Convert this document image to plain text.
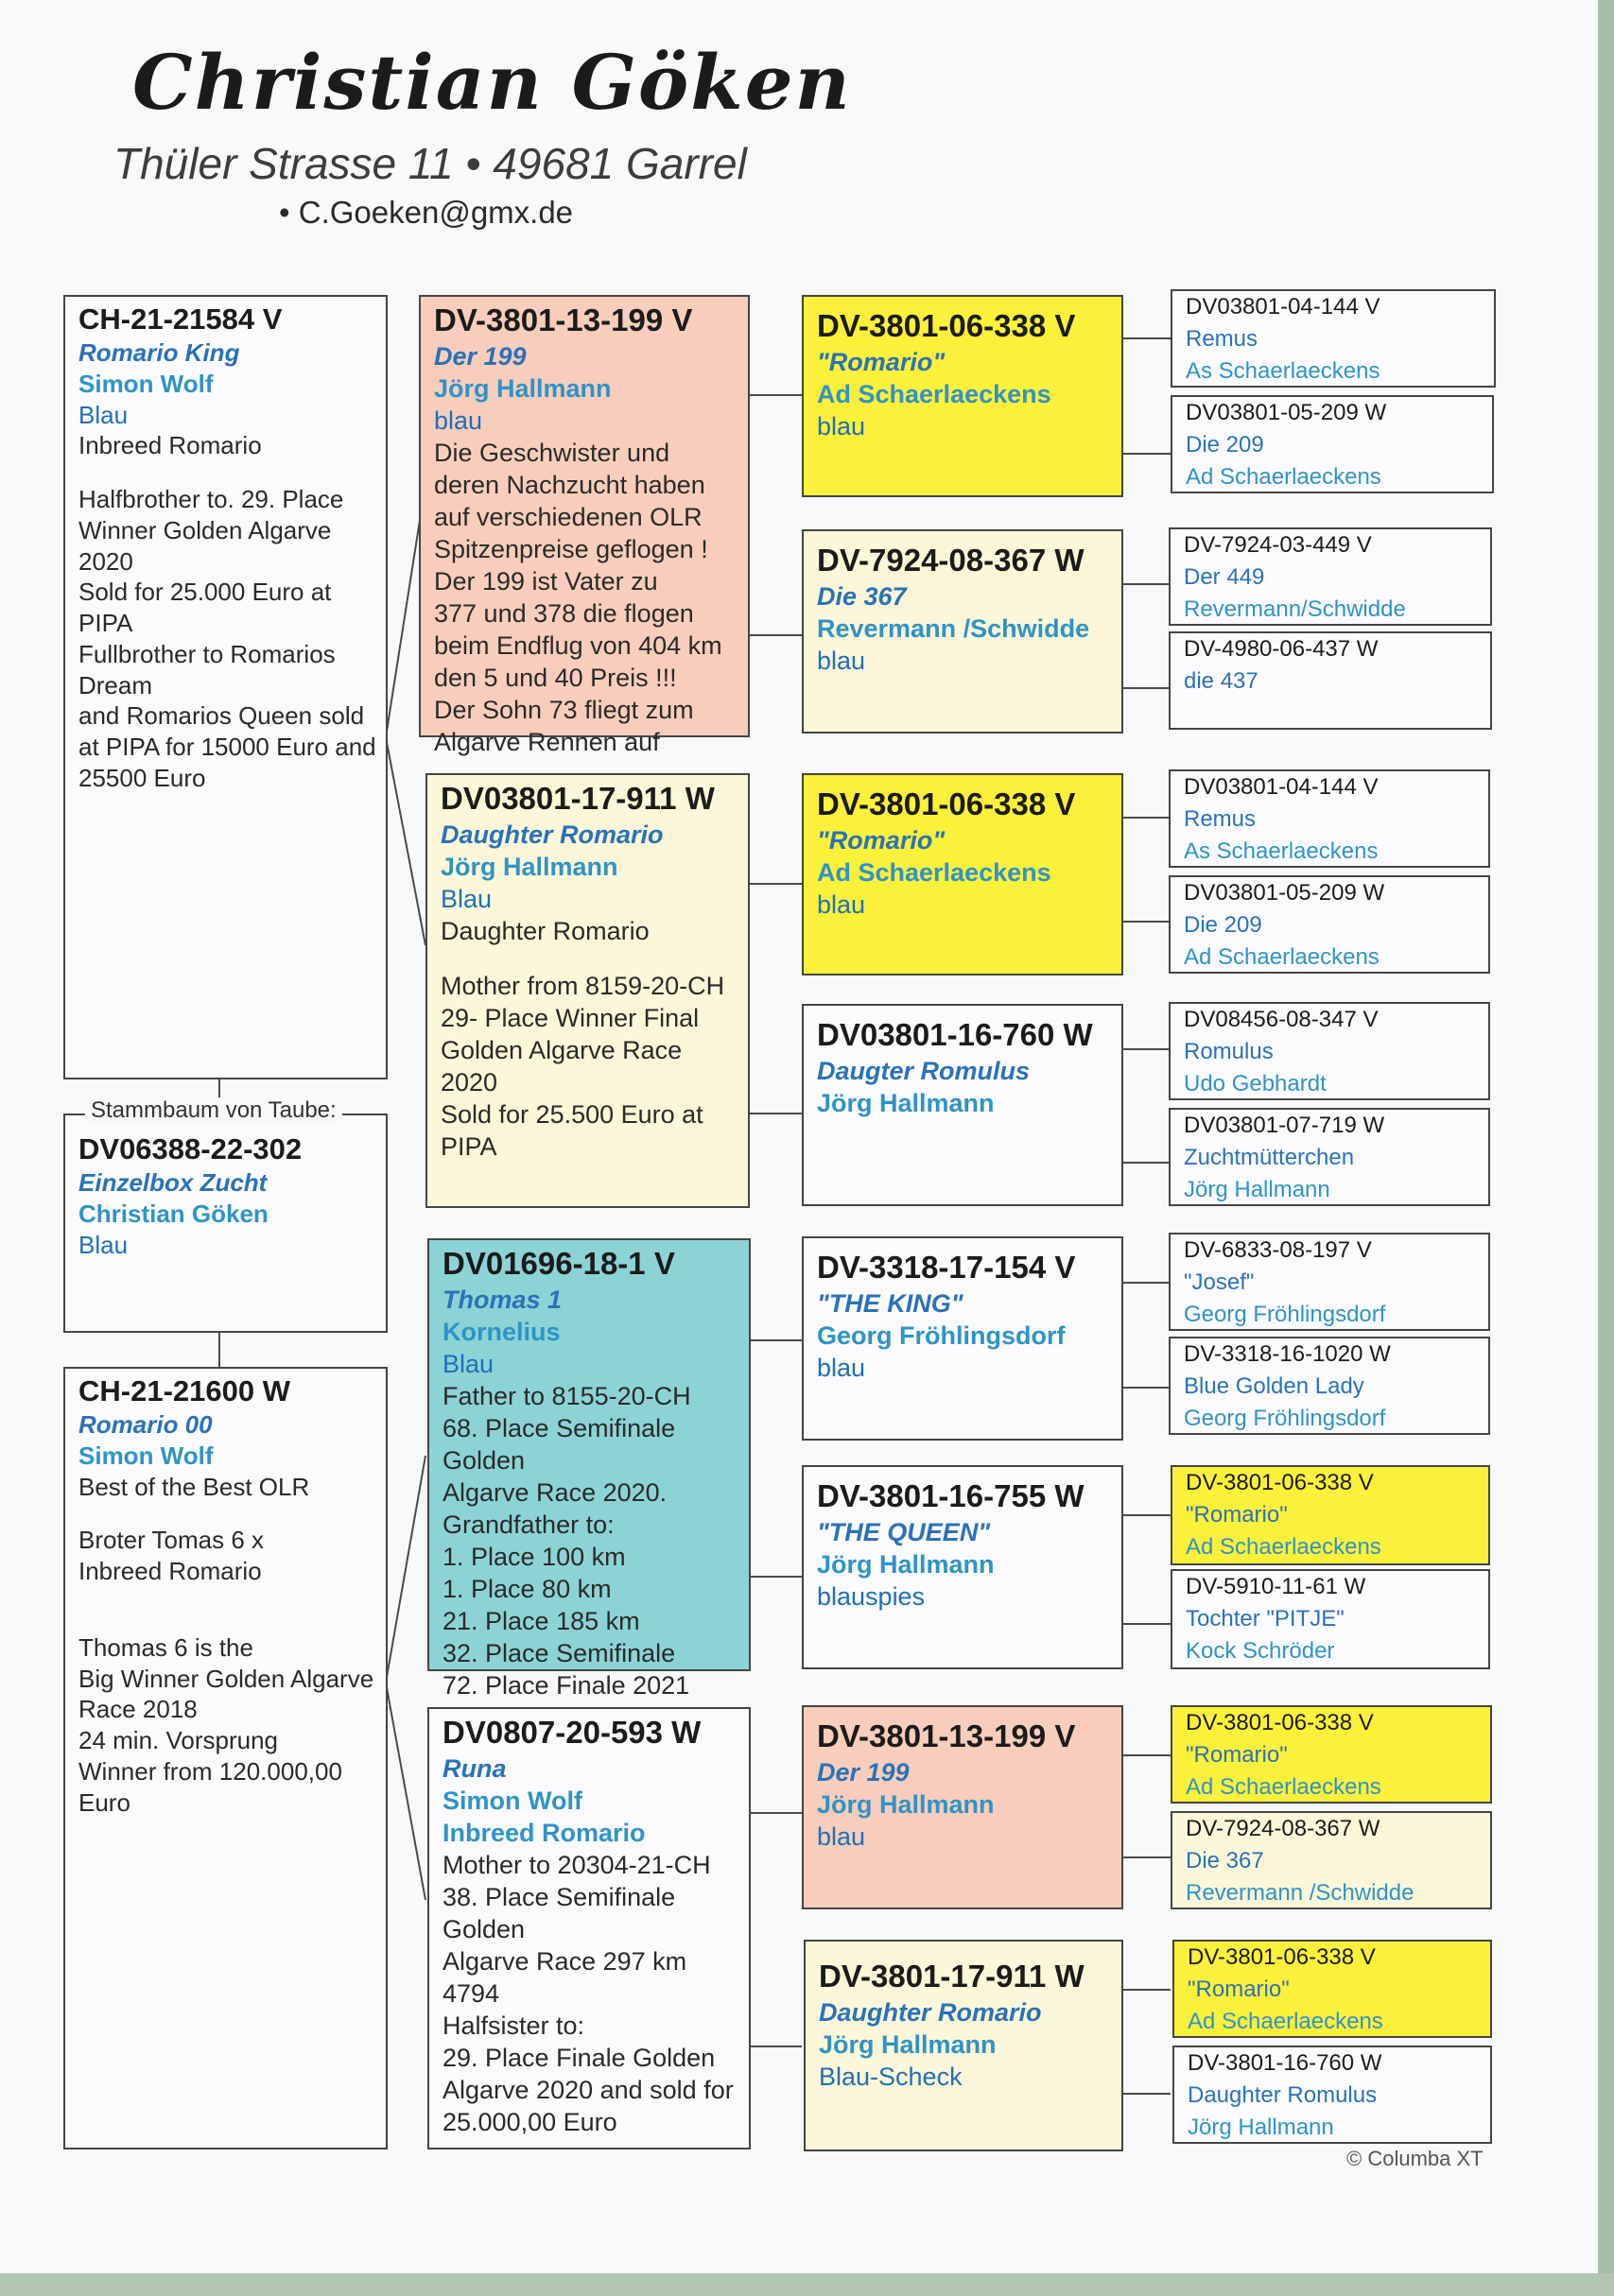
Christian Göken
Thüler Strasse 11 • 49681 Garrel
• C.Goeken@gmx.de
CH-21-21584 V
Romario King
Simon Wolf
Blau
Inbreed Romario
Halfbrother to. 29. Place
Winner Golden Algarve
2020
Sold for 25.000 Euro at
PIPA
Fullbrother to Romarios
Dream
and Romarios Queen sold
at PIPA for 15000 Euro and
25500 Euro
DV06388-22-302
Einzelbox Zucht
Christian Göken
Blau
Stammbaum von Taube:
CH-21-21600 W
Romario 00
Simon Wolf
Best of the Best OLR
Broter Tomas 6 x
Inbreed Romario
Thomas 6 is the
Big Winner Golden Algarve
Race 2018
24 min. Vorsprung
Winner from 120.000,00
Euro
DV-3801-13-199 V
Der 199
Jörg Hallmann
blau
Die Geschwister und
deren Nachzucht haben
auf verschiedenen OLR
Spitzenpreise geflogen !
Der 199 ist Vater zu
377 und 378 die flogen
beim Endflug von 404 km
den 5 und 40 Preis !!!
Der Sohn 73 fliegt zum
Algarve Rennen auf
DV03801-17-911 W
Daughter Romario
Jörg Hallmann
Blau
Daughter Romario
Mother from 8159-20-CH
29- Place Winner Final
Golden Algarve Race 2020
Sold for 25.500 Euro at
PIPA
DV01696-18-1 V
Thomas 1
Kornelius
Blau
Father to 8155-20-CH
68. Place Semifinale
Golden
Algarve Race 2020.
Grandfather to:
1. Place 100 km
1. Place 80 km
21. Place 185 km
32. Place Semifinale
72. Place Finale 2021
DV0807-20-593 W
Runa
Simon Wolf
Inbreed Romario
Mother to 20304-21-CH
38. Place Semifinale
Golden
Algarve Race 297 km 4794
Halfsister to:
29. Place Finale Golden
Algarve 2020 and sold for
25.000,00 Euro
DV-3801-06-338 V
"Romario"
Ad Schaerlaeckens
blau
DV-7924-08-367 W
Die 367
Revermann /Schwidde
blau
DV-3801-06-338 V
"Romario"
Ad Schaerlaeckens
blau
DV03801-16-760 W
Daugter Romulus
Jörg Hallmann
DV-3318-17-154 V
"THE KING"
Georg Fröhlingsdorf
blau
DV-3801-16-755 W
"THE QUEEN"
Jörg Hallmann
blauspies
DV-3801-13-199 V
Der 199
Jörg Hallmann
blau
DV-3801-17-911 W
Daughter Romario
Jörg Hallmann
Blau-Scheck
DV03801-04-144 V
Remus
As Schaerlaeckens
DV03801-05-209 W
Die 209
Ad Schaerlaeckens
DV-7924-03-449 V
Der 449
Revermann/Schwidde
DV-4980-06-437 W
die 437
DV03801-04-144 V
Remus
As Schaerlaeckens
DV03801-05-209 W
Die 209
Ad Schaerlaeckens
DV08456-08-347 V
Romulus
Udo Gebhardt
DV03801-07-719 W
Zuchtmütterchen
Jörg Hallmann
DV-6833-08-197 V
"Josef"
Georg Fröhlingsdorf
DV-3318-16-1020 W
Blue Golden Lady
Georg Fröhlingsdorf
DV-3801-06-338 V
"Romario"
Ad Schaerlaeckens
DV-5910-11-61 W
Tochter "PITJE"
Kock Schröder
DV-3801-06-338 V
"Romario"
Ad Schaerlaeckens
DV-7924-08-367 W
Die 367
Revermann /Schwidde
DV-3801-06-338 V
"Romario"
Ad Schaerlaeckens
DV-3801-16-760 W
Daughter Romulus
Jörg Hallmann
© Columba XT
